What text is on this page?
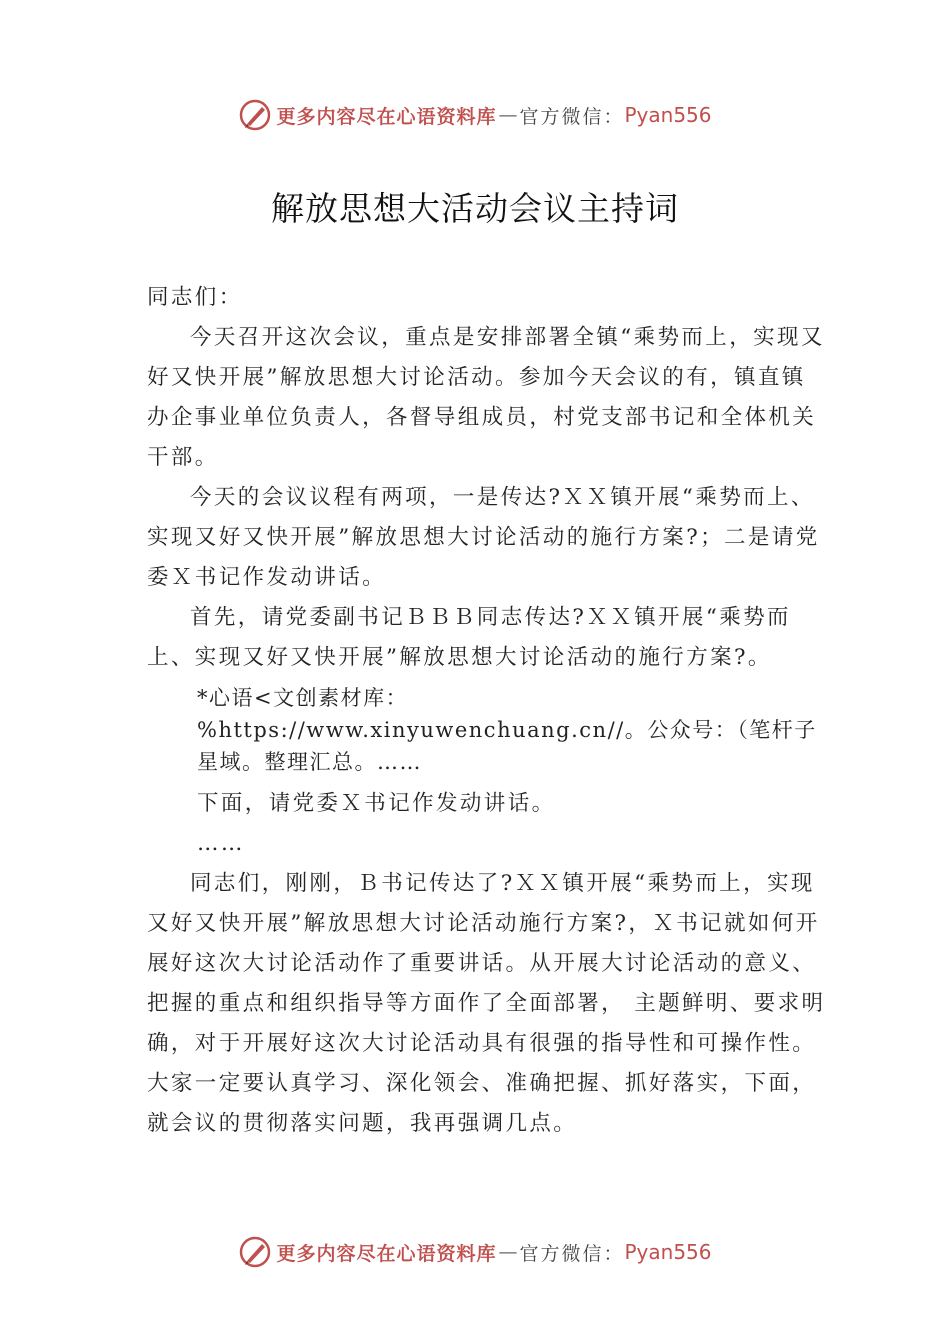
更多内容尽在心语资料库 — 官方微信： Pyan556
解放思想大活动会议主持词

同志们：

今天召开这次会议，重点是安排部署全镇“乘势而上，实现又好又快开展”解放思想大讨论活动。参加今天会议的有，镇直镇办企事业单位负责人，各督导组成员，村党支部书记和全体机关干部。

今天的会议议程有两项，一是传达?ＸＸ镇开展“乘势而上、实现又好又快开展”解放思想大讨论活动的施行方案?；二是请党委Ｘ书记作发动讲话。

首先，请党委副书记ＢＢＢ同志传达?ＸＸ镇开展“乘势而上、实现又好又快开展”解放思想大讨论活动的施行方案?。

*心语<文创素材库：%https://www.xinyuwenchuang.cn//。公众号：（笔杆子星域。整理汇总。……

下面，请党委Ｘ书记作发动讲话。

……

同志们，刚刚，Ｂ书记传达了?ＸＸ镇开展“乘势而上，实现又好又快开展”解放思想大讨论活动施行方案?，Ｘ书记就如何开展好这次大讨论活动作了重要讲话。从开展大讨论活动的意义、把握的重点和组织指导等方面作了全面部署， 主题鲜明、要求明确，对于开展好这次大讨论活动具有很强的指导性和可操作性。大家一定要认真学习、深化领会、准确把握、抓好落实，下面，就会议的贯彻落实问题，我再强调几点。

更多内容尽在心语资料库 — 官方微信： Pyan556
